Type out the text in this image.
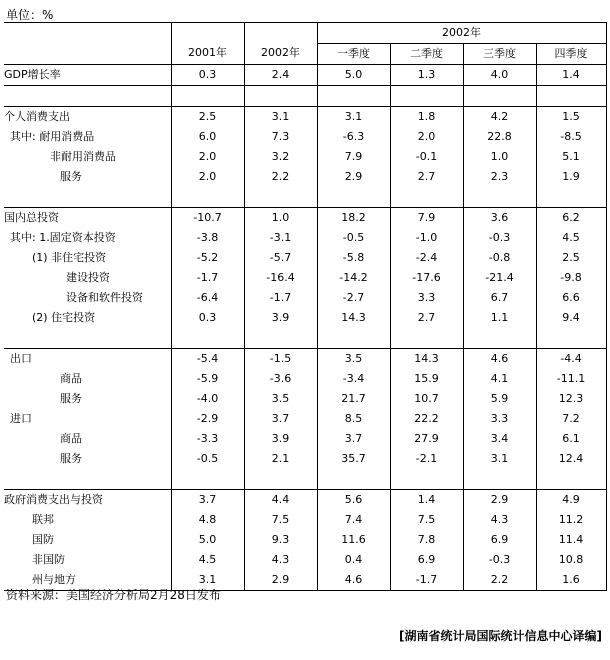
单位：%
			2002年			
	2001年	2002年	一季度	二季度	三季度	四季度
GDP增长率	0.3	2.4	5.0	1.3	4.0	1.4

个人消费支出	2.5	3.1	3.1	1.8	4.2	1.5
其中: 耐用消费品	6.0	7.3	-6.3	2.0	22.8	-8.5
非耐用消费品	2.0	3.2	7.9	-0.1	1.0	5.1
服务	2.0	2.2	2.9	2.7	2.3	1.9

国内总投资	-10.7	1.0	18.2	7.9	3.6	6.2
其中: 1.固定资本投资	-3.8	-3.1	-0.5	-1.0	-0.3	4.5
(1) 非住宅投资	-5.2	-5.7	-5.8	-2.4	-0.8	2.5
建设投资	-1.7	-16.4	-14.2	-17.6	-21.4	-9.8
设备和软件投资	-6.4	-1.7	-2.7	3.3	6.7	6.6
(2) 住宅投资	0.3	3.9	14.3	2.7	1.1	9.4

出口	-5.4	-1.5	3.5	14.3	4.6	-4.4
商品	-5.9	-3.6	-3.4	15.9	4.1	-11.1
服务	-4.0	3.5	21.7	10.7	5.9	12.3
进口	-2.9	3.7	8.5	22.2	3.3	7.2
商品	-3.3	3.9	3.7	27.9	3.4	6.1
服务	-0.5	2.1	35.7	-2.1	3.1	12.4

政府消费支出与投资	3.7	4.4	5.6	1.4	2.9	4.9
联邦	4.8	7.5	7.4	7.5	4.3	11.2
国防	5.0	9.3	11.6	7.8	6.9	11.4
非国防	4.5	4.3	0.4	6.9	-0.3	10.8
州与地方	3.1	2.9	4.6	-1.7	2.2	1.6
资料来源：美国经济分析局2月28日发布
[湖南省统计局国际统计信息中心译编]
